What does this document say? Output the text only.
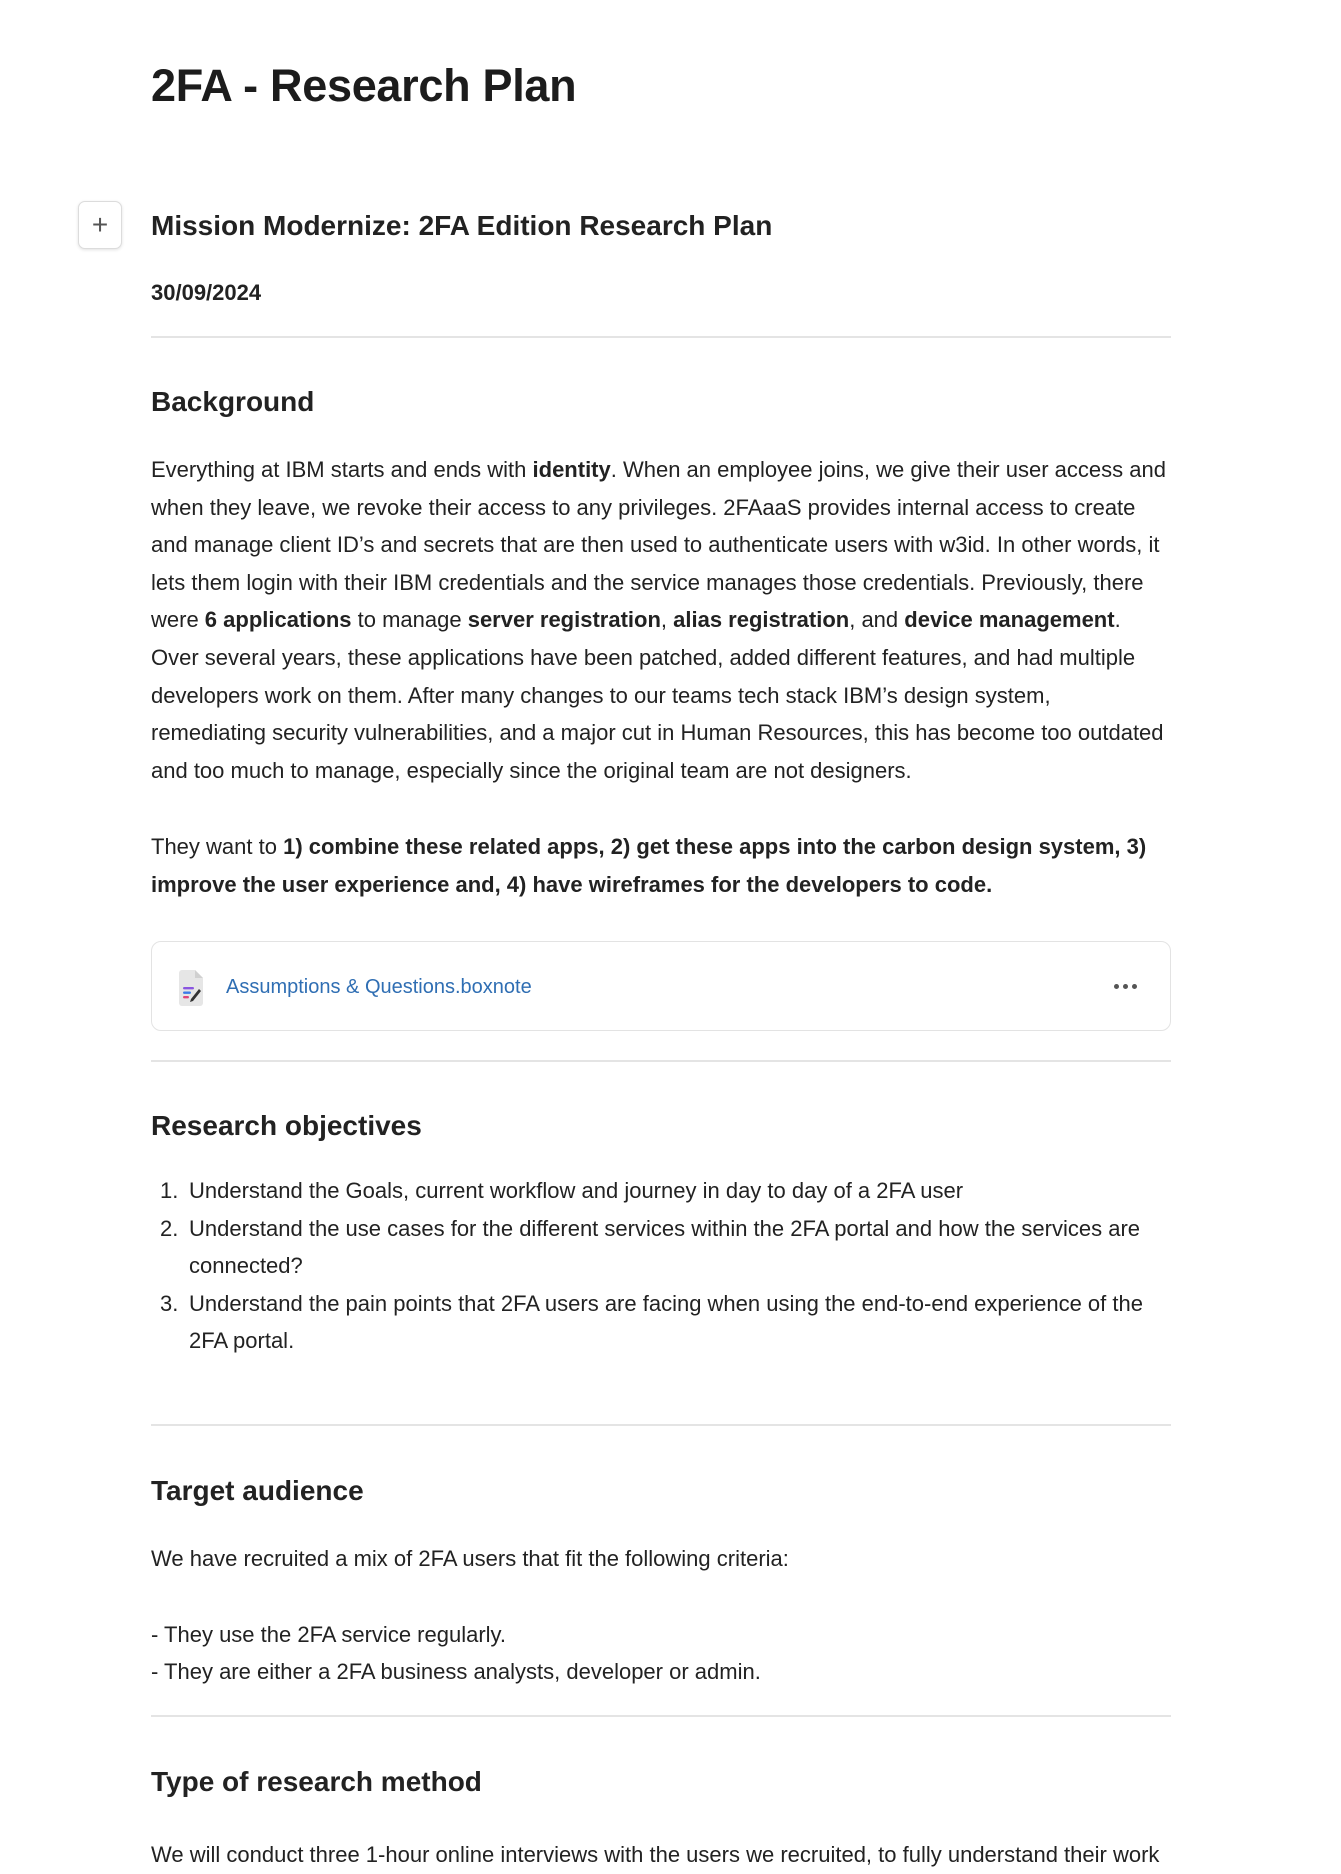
+
2FA - Research Plan
Mission Modernize: 2FA Edition Research Plan
30/09/2024
Background

Everything at IBM starts and ends with identity. When an employee joins, we give their user access and when they leave, we revoke their access to any privileges. 2FAaaS provides internal access to create and manage client ID’s and secrets that are then used to authenticate users with w3id. In other words, it lets them login with their IBM credentials and the service manages those credentials. Previously, there were 6 applications to manage server registration, alias registration, and device management. Over several years, these applications have been patched, added different features, and had multiple developers work on them. After many changes to our teams tech stack IBM’s design system, remediating security vulnerabilities, and a major cut in Human Resources, this has become too outdated and too much to manage, especially since the original team are not designers.

They want to 1) combine these related apps, 2) get these apps into the carbon design system, 3) improve the user experience and, 4) have wireframes for the developers to code.

Assumptions & Questions.boxnote
Research objectives
1. Understand the Goals, current workflow and journey in day to day of a 2FA user
2. Understand the use cases for the different services within the 2FA portal and how the services are connected?
3. Understand the pain points that 2FA users are facing when using the end-to-end experience of the 2FA portal.
Target audience
We have recruited a mix of 2FA users that fit the following criteria:
- They use the 2FA service regularly.
- They are either a 2FA business analysts, developer or admin.
Type of research method
We will conduct three 1-hour online interviews with the users we recruited, to fully understand their work
